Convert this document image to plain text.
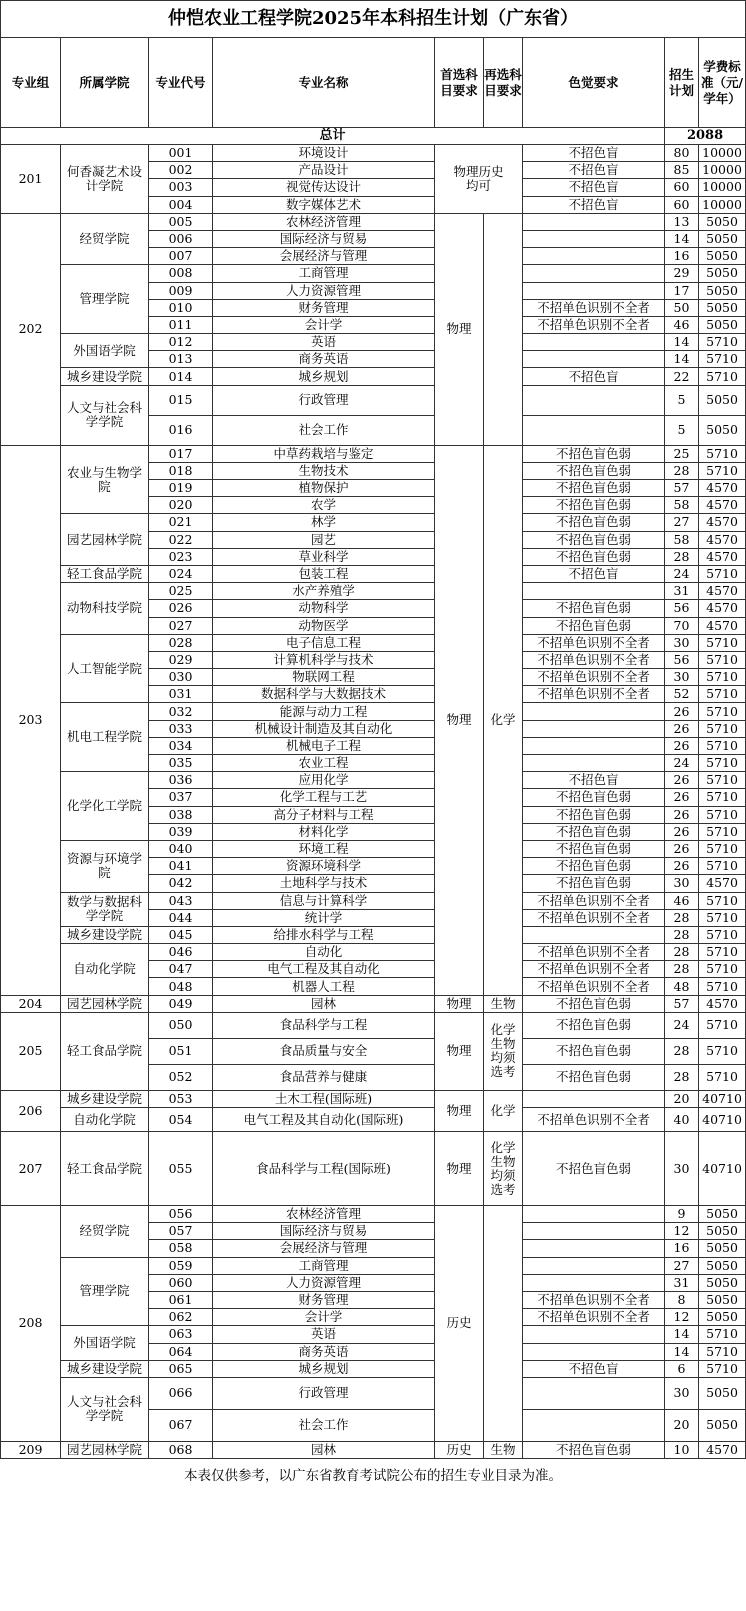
仲恺农业工程学院2025年本科招生计划（广东省）								
专业组	所属学院	专业代号	专业名称	首选科目要求	再选科目要求	色觉要求	招生计划	学费标准（元/学年）
总计							2088	
201	何香凝艺术设计学院	001	环境设计	物理历史均可		不招色盲	80	10000
		002	产品设计			不招色盲	85	10000
		003	视觉传达设计			不招色盲	60	10000
		004	数字媒体艺术			不招色盲	60	10000
202	经贸学院	005	农林经济管理	物理			13	5050
		006	国际经济与贸易				14	5050
		007	会展经济与管理				16	5050
	管理学院	008	工商管理				29	5050
		009	人力资源管理				17	5050
		010	财务管理			不招单色识别不全者	50	5050
		011	会计学			不招单色识别不全者	46	5050
	外国语学院	012	英语				14	5710
		013	商务英语				14	5710
	城乡建设学院	014	城乡规划			不招色盲	22	5710
	人文与社会科学学院	015	行政管理				5	5050
		016	社会工作				5	5050
203	农业与生物学院	017	中草药栽培与鉴定	物理	化学	不招色盲色弱	25	5710
		018	生物技术			不招色盲色弱	28	5710
		019	植物保护			不招色盲色弱	57	4570
		020	农学			不招色盲色弱	58	4570
	园艺园林学院	021	林学			不招色盲色弱	27	4570
		022	园艺			不招色盲色弱	58	4570
		023	草业科学			不招色盲色弱	28	4570
	轻工食品学院	024	包装工程			不招色盲	24	5710
	动物科技学院	025	水产养殖学				31	4570
		026	动物科学			不招色盲色弱	56	4570
		027	动物医学			不招色盲色弱	70	4570
	人工智能学院	028	电子信息工程			不招单色识别不全者	30	5710
		029	计算机科学与技术			不招单色识别不全者	56	5710
		030	物联网工程			不招单色识别不全者	30	5710
		031	数据科学与大数据技术			不招单色识别不全者	52	5710
	机电工程学院	032	能源与动力工程				26	5710
		033	机械设计制造及其自动化				26	5710
		034	机械电子工程				26	5710
		035	农业工程				24	5710
	化学化工学院	036	应用化学			不招色盲	26	5710
		037	化学工程与工艺			不招色盲色弱	26	5710
		038	高分子材料与工程			不招色盲色弱	26	5710
		039	材料化学			不招色盲色弱	26	5710
	资源与环境学院	040	环境工程			不招色盲色弱	26	5710
		041	资源环境科学			不招色盲色弱	26	5710
		042	土地科学与技术			不招色盲色弱	30	4570
	数学与数据科学学院	043	信息与计算科学			不招单色识别不全者	46	5710
		044	统计学			不招单色识别不全者	28	5710
	城乡建设学院	045	给排水科学与工程				28	5710
	自动化学院	046	自动化			不招单色识别不全者	28	5710
		047	电气工程及其自动化			不招单色识别不全者	28	5710
		048	机器人工程			不招单色识别不全者	48	5710
204	园艺园林学院	049	园林	物理	生物	不招色盲色弱	57	4570
205	轻工食品学院	050	食品科学与工程	物理	化学生物均须选考	不招色盲色弱	24	5710
		051	食品质量与安全			不招色盲色弱	28	5710
		052	食品营养与健康			不招色盲色弱	28	5710
206	城乡建设学院	053	土木工程(国际班)	物理	化学		20	40710
	自动化学院	054	电气工程及其自动化(国际班)			不招单色识别不全者	40	40710
207	轻工食品学院	055	食品科学与工程(国际班)	物理	化学生物均须选考	不招色盲色弱	30	40710
208	经贸学院	056	农林经济管理	历史			9	5050
		057	国际经济与贸易				12	5050
		058	会展经济与管理				16	5050
	管理学院	059	工商管理				27	5050
		060	人力资源管理				31	5050
		061	财务管理			不招单色识别不全者	8	5050
		062	会计学			不招单色识别不全者	12	5050
	外国语学院	063	英语				14	5710
		064	商务英语				14	5710
	城乡建设学院	065	城乡规划			不招色盲	6	5710
	人文与社会科学学院	066	行政管理				30	5050
		067	社会工作				20	5050
209	园艺园林学院	068	园林	历史	生物	不招色盲色弱	10	4570
本表仅供参考，以广东省教育考试院公布的招生专业目录为准。								
